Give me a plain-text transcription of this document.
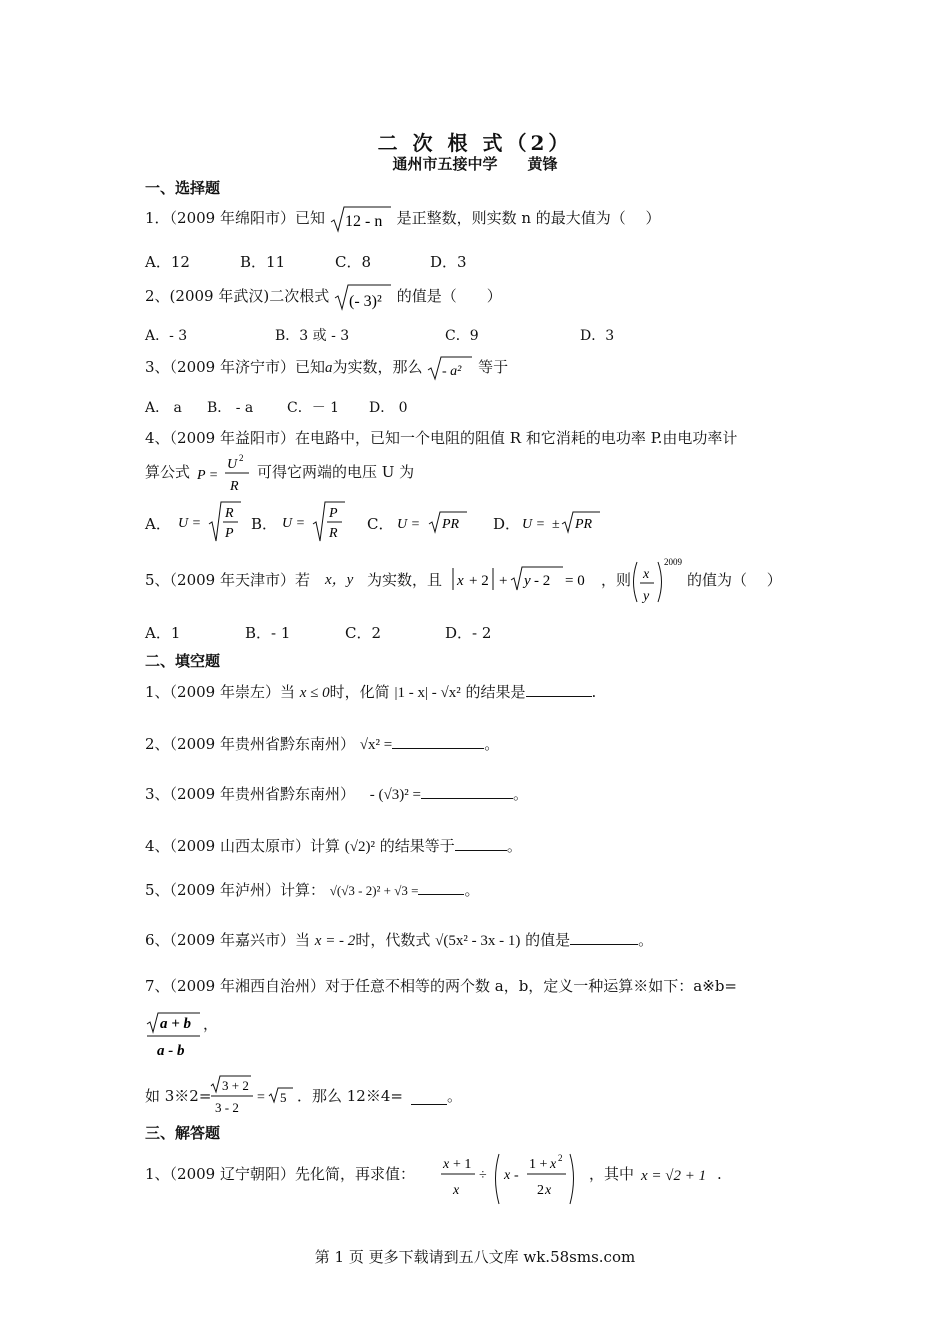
二 次 根 式（2）
通州市五接中学　　黄锋
一、选择题
1．（2009 年绵阳市）已知 12 - n 是正整数，则实数 n 的最大值为（　 ）
A．12	B．11	C．8	D．3
2、(2009 年武汉)二次根式 (- 3)² 的值是（　　）
A．- 3	B．3 或 - 3	C．9	D．3
3、（2009 年济宁市）已知a为实数，那么 - a² 等于
A． a B． - a C．－ 1 D． 0
4、（2009 年益阳市）在电路中，已知一个电阻的阻值 R 和它消耗的电功率 P.由电功率计
算公式 P =
U 2
R
可得它两端的电压 U 为
A． U =
R
P
B． U =
P
R
C． U = PR D． U = ± PR
5、（2009 年天津市）若 x，y 为实数，且 x + 2 + y - 2 = 0 ，则 x
y
2009
的值为（　 ）
A．1	B．- 1	C．2	D．- 2
二、填空题
1、（2009 年崇左）当 x ≤ 0时，化简 |1 - x| - √x² 的结果是	.
2、（2009 年贵州省黔东南州） √x² =	。
3、（2009 年贵州省黔东南州） - (√3)² =	。
4、（2009 山西太原市）计算 (√2)² 的结果等于	。
5、（2009 年泸州）计算： √(√3 - 2)² + √3 =	。
6、（2009 年嘉兴市）当 x = - 2时，代数式 √(5x² - 3x - 1) 的值是	。
7、（2009 年湘西自治州）对于任意不相等的两个数 a，b，定义一种运算※如下：a※b=
a + b
a - b
，
如 3※2=
3 + 2
3 - 2
= 5 ．那么 12※4=	。
三、解答题
1、（2009 辽宁朝阳）先化简，再求值：
x + 1
x
÷ x -
1 + x 2
2 x
，其中 x = √2 + 1 .
第 1 页 更多下载请到五八文库 wk.58sms.com
